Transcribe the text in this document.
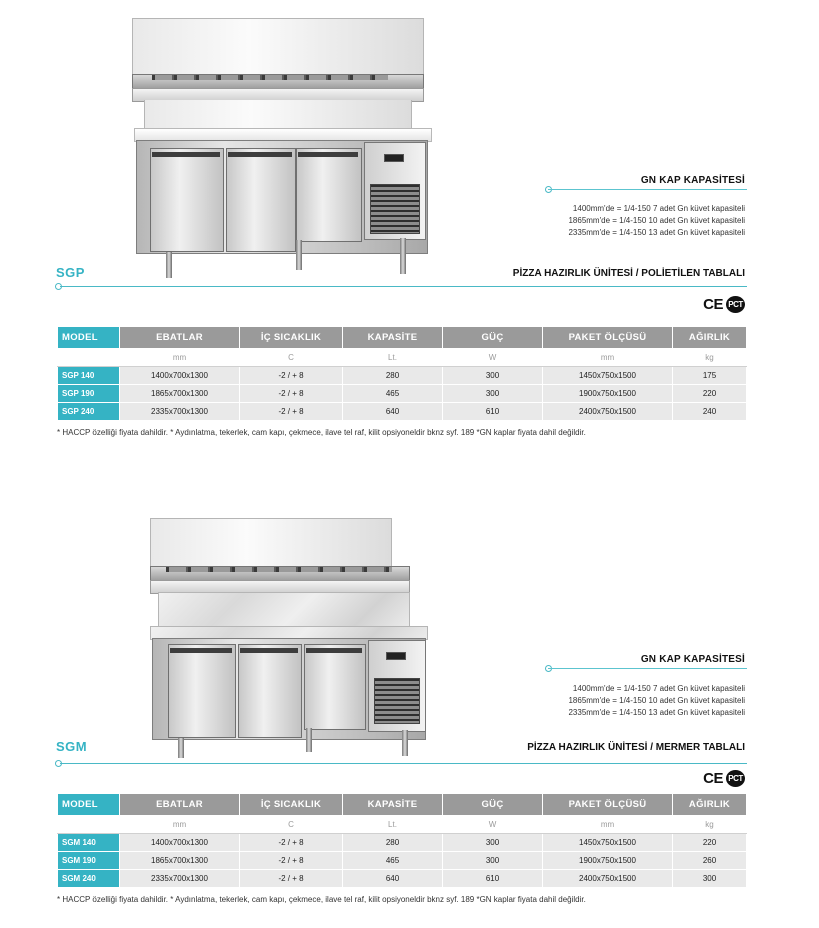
GN KAP KAPASİTESİ
1400mm'de = 1/4-150 7 adet Gn küvet kapasiteli
1865mm'de = 1/4-150 10 adet Gn küvet kapasiteli
2335mm'de = 1/4-150 13 adet Gn küvet kapasiteli
SGP	PİZZA HAZIRLIK ÜNİTESİ / POLİETİLEN TABLALI
CE PCT
MODEL	EBATLAR	İÇ SICAKLIK	KAPASİTE	GÜÇ	PAKET ÖLÇÜSÜ	AĞIRLIK
	mm	C	Lt.	W	mm	kg
SGP 140	1400x700x1300	-2 / + 8	280	300	1450x750x1500	175
SGP 190	1865x700x1300	-2 / + 8	465	300	1900x750x1500	220
SGP 240	2335x700x1300	-2 / + 8	640	610	2400x750x1500	240
* HACCP özelliği fiyata dahildir. * Aydınlatma, tekerlek, cam kapı, çekmece, ilave tel raf, kilit opsiyoneldir bknz syf. 189 *GN kaplar fiyata dahil değildir.
GN KAP KAPASİTESİ
1400mm'de = 1/4-150 7 adet Gn küvet kapasiteli
1865mm'de = 1/4-150 10 adet Gn küvet kapasiteli
2335mm'de = 1/4-150 13 adet Gn küvet kapasiteli
SGM	PİZZA HAZIRLIK ÜNİTESİ / MERMER TABLALI
CE PCT
MODEL	EBATLAR	İÇ SICAKLIK	KAPASİTE	GÜÇ	PAKET ÖLÇÜSÜ	AĞIRLIK
	mm	C	Lt.	W	mm	kg
SGM 140	1400x700x1300	-2 / + 8	280	300	1450x750x1500	220
SGM 190	1865x700x1300	-2 / + 8	465	300	1900x750x1500	260
SGM 240	2335x700x1300	-2 / + 8	640	610	2400x750x1500	300
* HACCP özelliği fiyata dahildir. * Aydınlatma, tekerlek, cam kapı, çekmece, ilave tel raf, kilit opsiyoneldir bknz syf. 189 *GN kaplar fiyata dahil değildir.
